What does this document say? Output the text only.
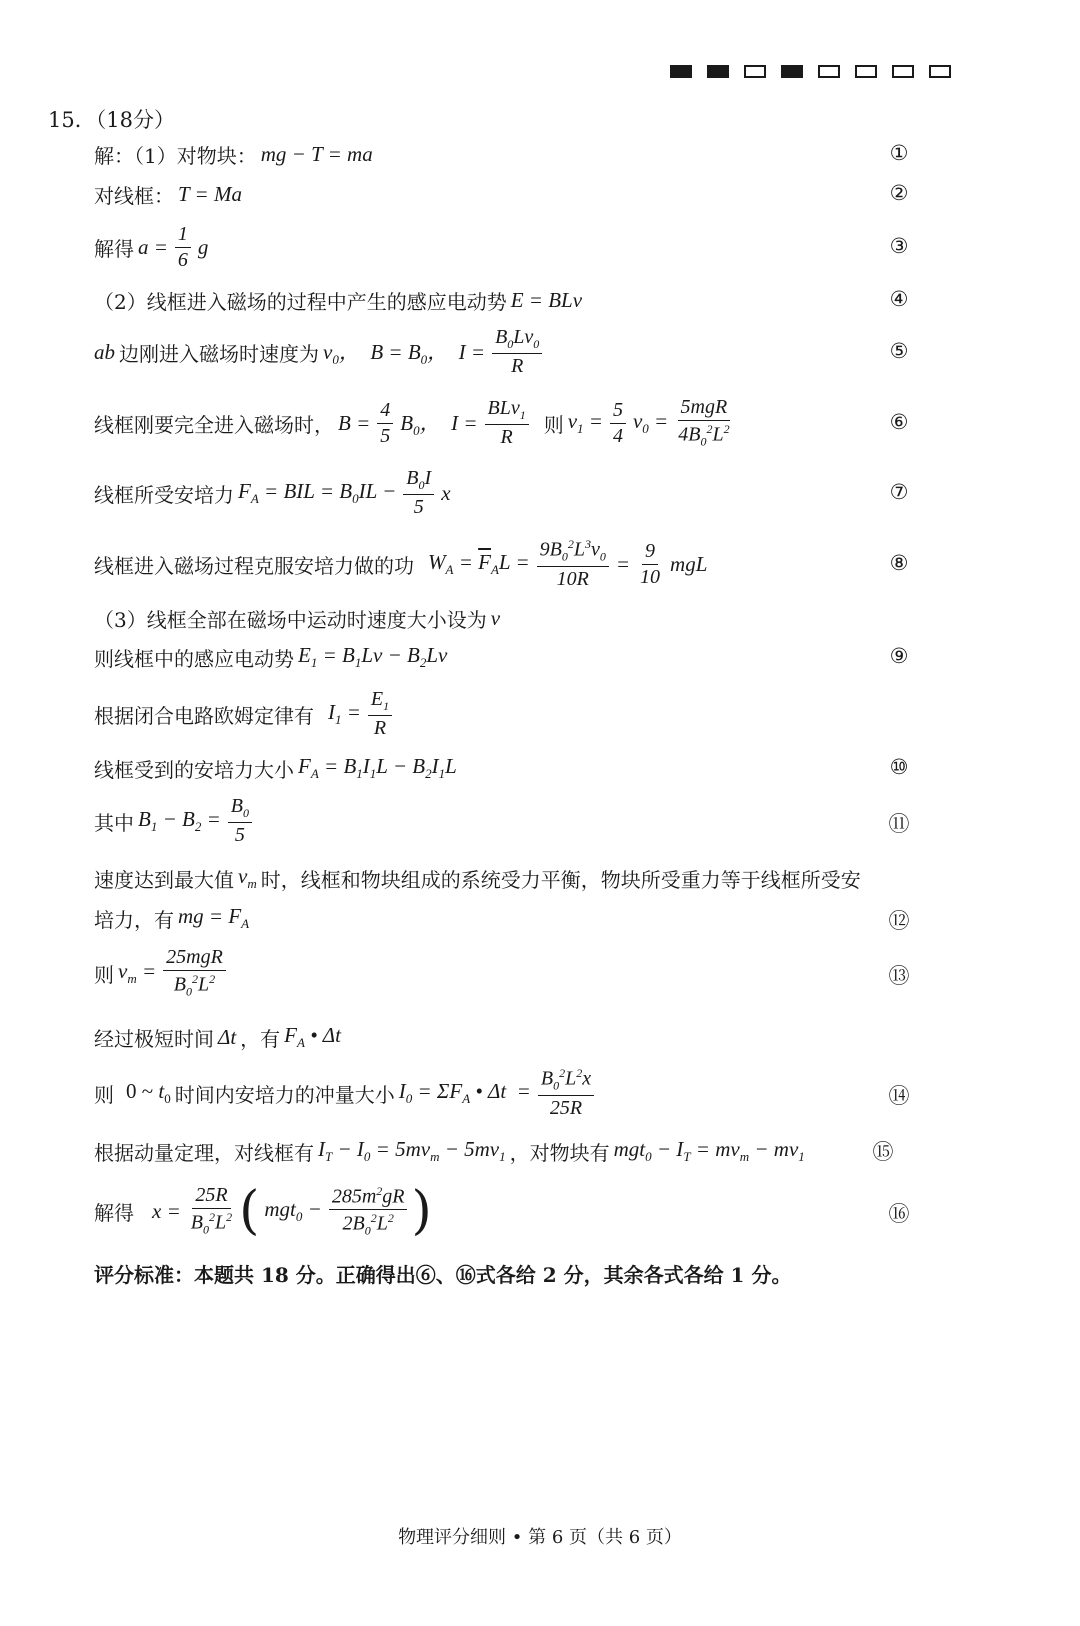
15．（18分）
解：（1）对物块： mg − T = ma	①
对线框： T = Ma	②
解得 $a = \frac{1}{6}$ g	③
（2）线框进入磁场的过程中产生的感应电动势 E = BLv	④
ab 边刚进入磁场时速度为 $v_0$，  $B = B_0$，  $I = \frac{B_0Lv_0}{R}$	⑤
线框刚要完全进入磁场时， $B = \frac{4}{5} B_0$，  $I = \frac{BLv_1}{R}$ 则 $v_1 = \frac{5}{4} v_0 = \frac{\text{5mgR}}{4B_0^2L^2}$	⑥
线框所受安培力 $F_A$ = BIL = $B_0IL - \frac{B_0I}{5}$ x	⑦
线框进入磁场过程克服安培力做的功 $W_A = \overline{F}_AL = \frac{9B_0^2L^3v_0}{10R} = \frac{9}{10}$ mgL	⑧
（3）线框全部在磁场中运动时速度大小设为 v
则线框中的感应电动势 $E_1 = B_1Lv - B_2Lv$	⑨
根据闭合电路欧姆定律有 $I_1 = \frac{E_1}{R}$
线框受到的安培力大小 $F_A = B_1I_1L - B_2I_1L$	⑩
其中 $B_1 - B_2 = \frac{B_0}{5}$	⑪
速度达到最大值 $v_m$ 时，线框和物块组成的系统受力平衡，物块所受重力等于线框所受安
培力，有 mg = $F_A$	⑫
则 $v_m = \frac{\text{25mgR}}{B_0^2L^2}$	⑬
经过极短时间 Δt ，有 $F_A$ • Δt
则 0 ~ $t_0$ 时间内安培力的冲量大小 $I_0 = \Sigma F_A$ • $\Delta t = \frac{B_0^2L^2x}{25R}$	⑭
根据动量定理，对线框有 $I_T - I_0 = 5mv_m - 5mv_1$ ，对物块有 $mgt_0 - I_T = mv_m - mv_1$	⑮
解得 $x = \frac{25R}{B_0^2L^2}$ ( $mgt_0 - \frac{285m^2gR}{2B_0^2L^2}$ )	⑯
评分标准：本题共 18 分。正确得出⑥、⑯式各给 2 分，其余各式各给 1 分。
物理评分细则 • 第 6 页（共 6 页）
